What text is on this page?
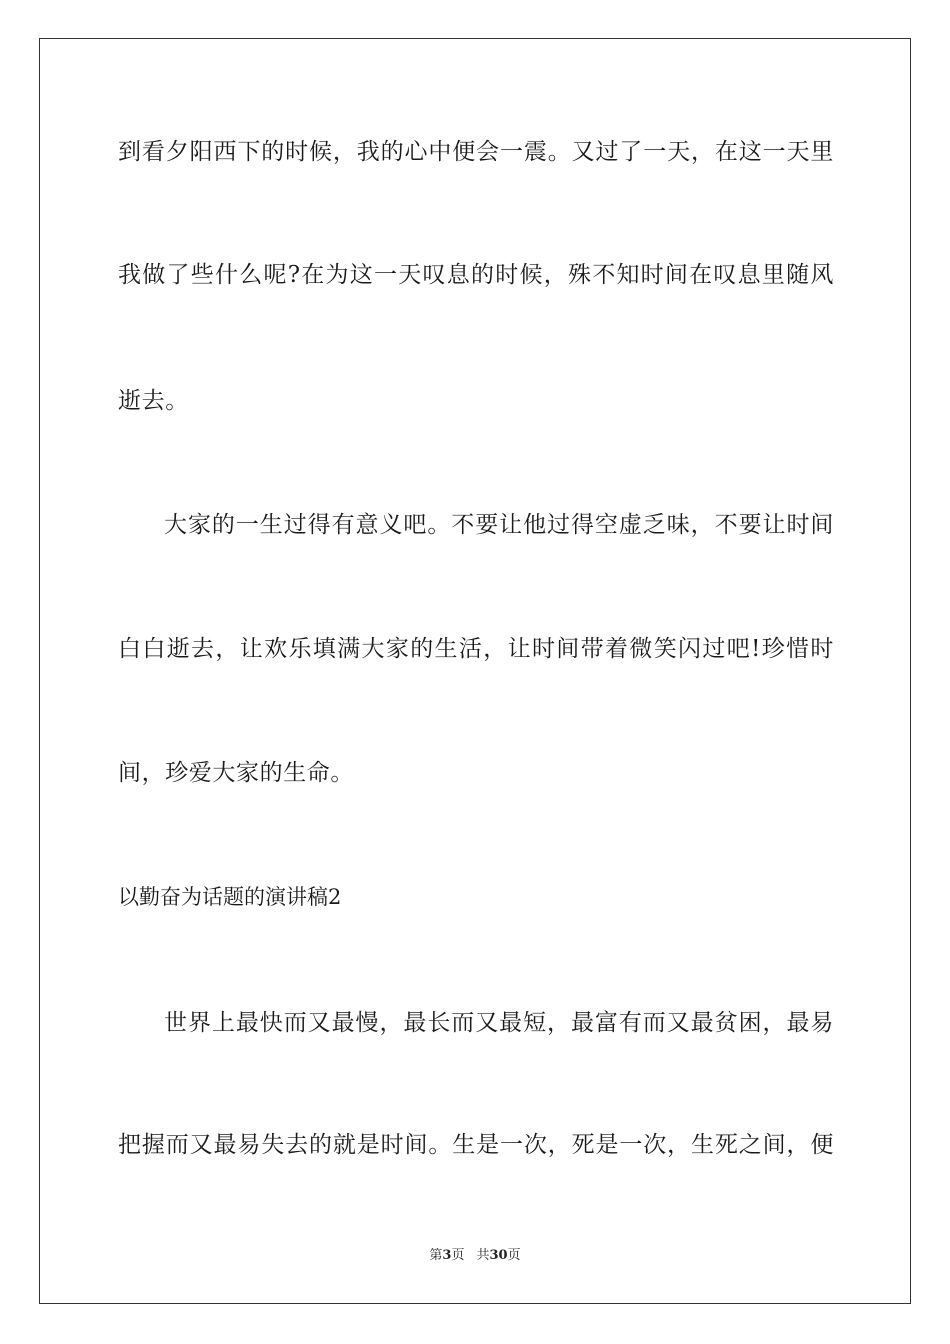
到看夕阳西下的时候，我的心中便会一震。又过了一天，在这一天里
我做了些什么呢?在为这一天叹息的时候，殊不知时间在叹息里随风
逝去。
大家的一生过得有意义吧。不要让他过得空虚乏味，不要让时间
白白逝去，让欢乐填满大家的生活，让时间带着微笑闪过吧!珍惜时
间，珍爱大家的生命。
以勤奋为话题的演讲稿2
世界上最快而又最慢，最长而又最短，最富有而又最贫困，最易
把握而又最易失去的就是时间。生是一次，死是一次，生死之间，便
第3页 共30页
